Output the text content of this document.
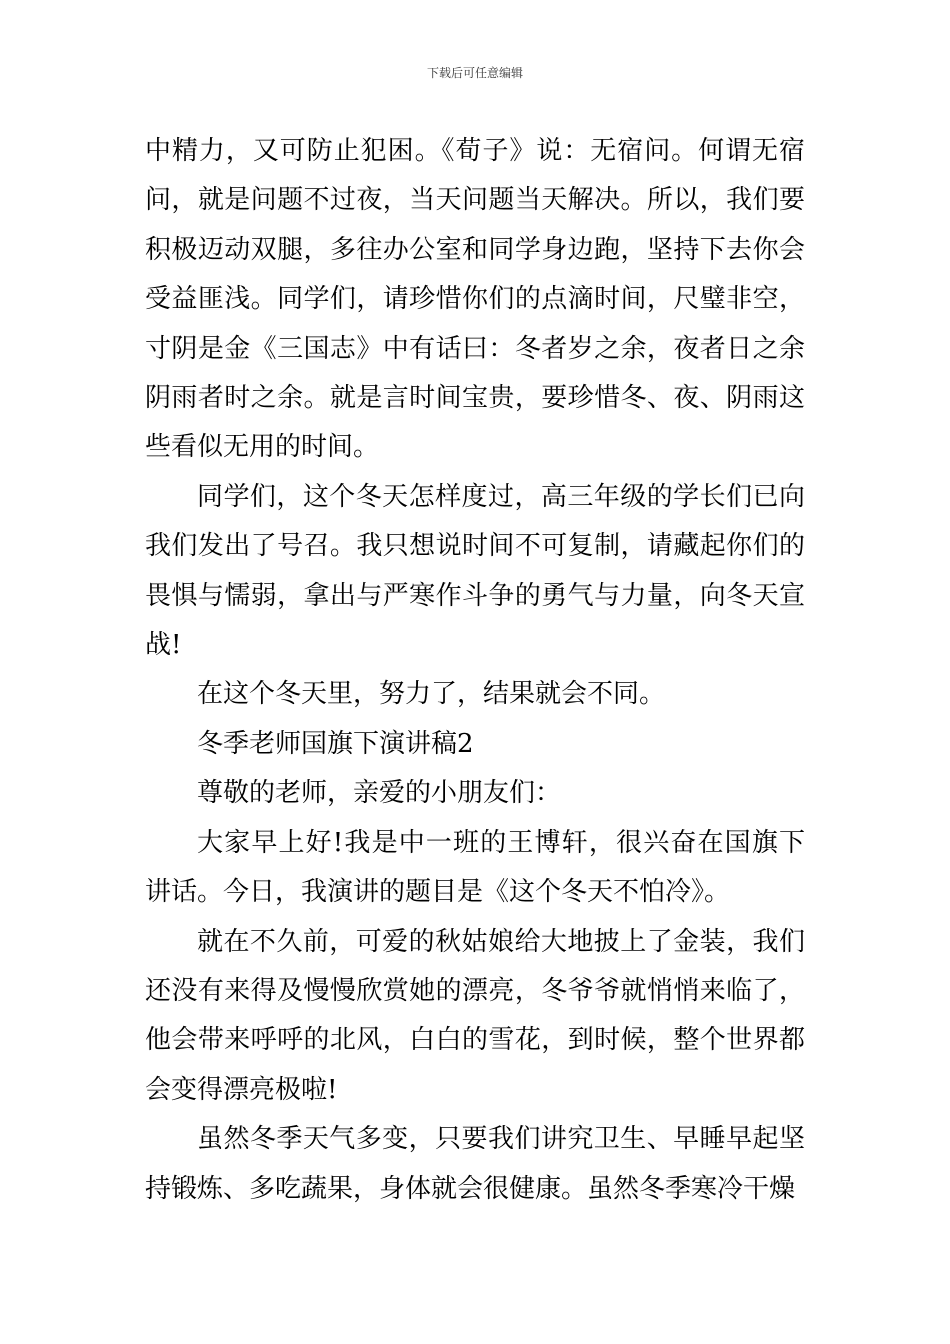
下载后可任意编辑

中精力，又可防止犯困。《荀子》说：无宿问。何谓无宿问，就是问题不过夜，当天问题当天解决。所以，我们要积极迈动双腿，多往办公室和同学身边跑，坚持下去你会受益匪浅。同学们，请珍惜你们的点滴时间，尺璧非空，寸阴是金《三国志》中有话曰：冬者岁之余，夜者日之余阴雨者时之余。就是言时间宝贵，要珍惜冬、夜、阴雨这些看似无用的时间。

同学们，这个冬天怎样度过，高三年级的学长们已向我们发出了号召。我只想说时间不可复制，请藏起你们的畏惧与懦弱，拿出与严寒作斗争的勇气与力量，向冬天宣战!

在这个冬天里，努力了，结果就会不同。

冬季老师国旗下演讲稿2

尊敬的老师，亲爱的小朋友们：

大家早上好!我是中一班的王博轩，很兴奋在国旗下讲话。今日，我演讲的题目是《这个冬天不怕冷》。

就在不久前，可爱的秋姑娘给大地披上了金装，我们还没有来得及慢慢欣赏她的漂亮，冬爷爷就悄悄来临了，他会带来呼呼的北风，白白的雪花，到时候，整个世界都会变得漂亮极啦!

虽然冬季天气多变，只要我们讲究卫生、早睡早起坚持锻炼、多吃蔬果，身体就会很健康。虽然冬季寒冷干燥
